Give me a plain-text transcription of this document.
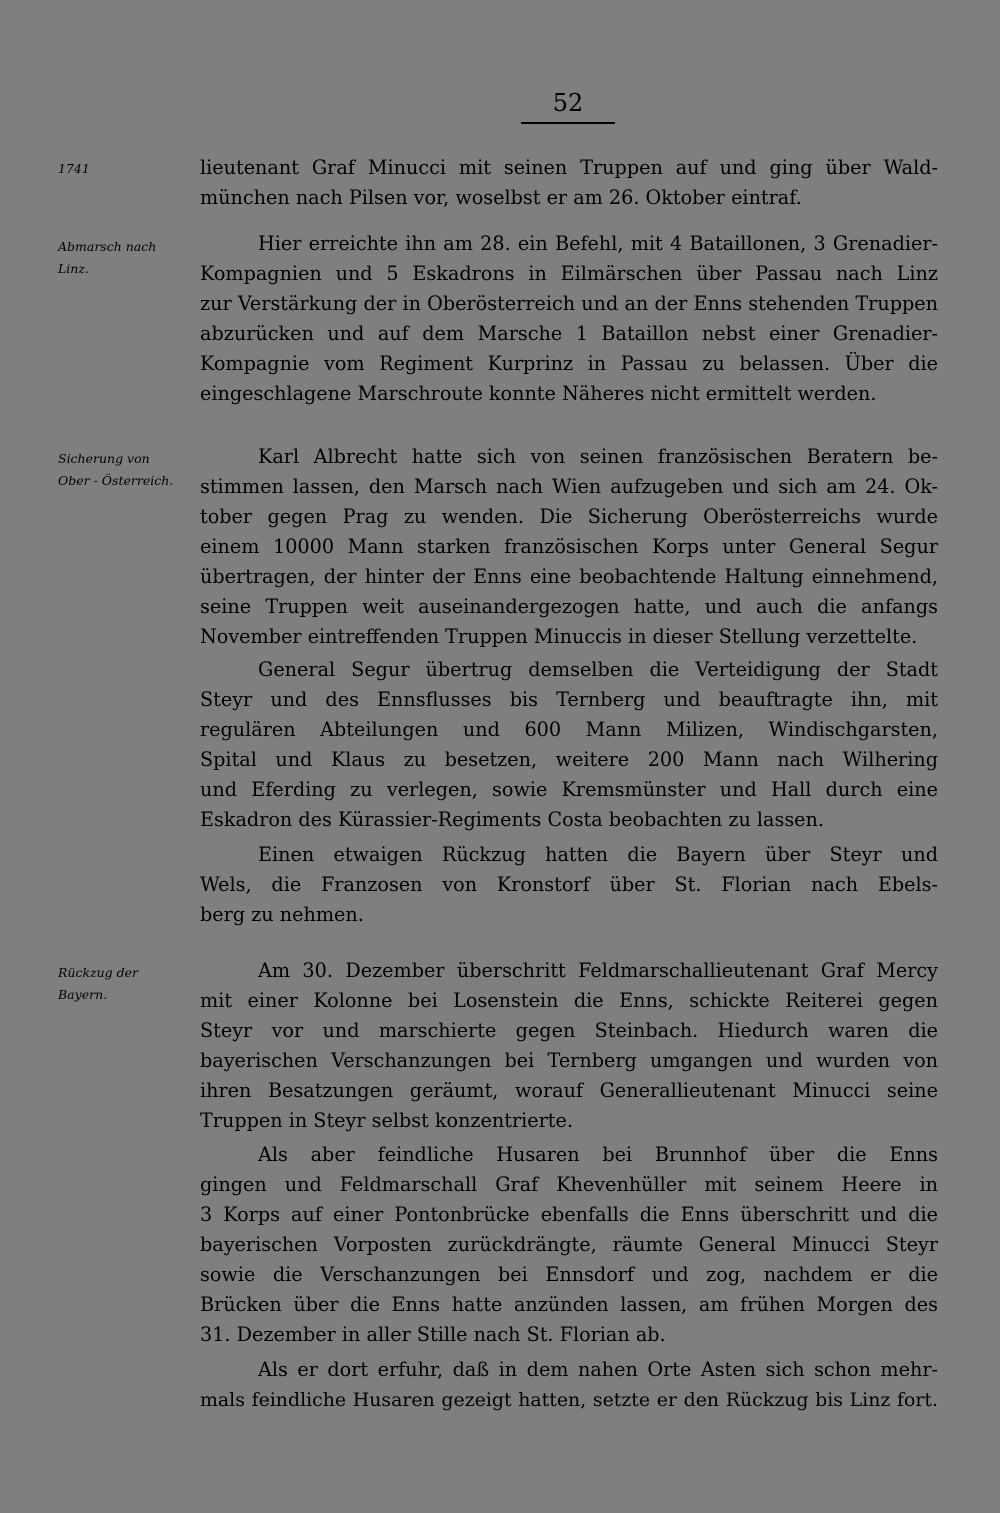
52
1741
Abmarsch nach
Linz.
Sicherung von
Ober - Österreich.
Rückzug der
Bayern.
lieutenant Graf Minucci mit seinen Truppen auf und ging über Wald-
münchen nach Pilsen vor, woselbst er am 26. Oktober eintraf.
Hier erreichte ihn am 28. ein Befehl, mit 4 Bataillonen, 3 Grenadier-
Kompagnien und 5 Eskadrons in Eilmärschen über Passau nach Linz
zur Verstärkung der in Oberösterreich und an der Enns stehenden Truppen
abzurücken und auf dem Marsche 1 Bataillon nebst einer Grenadier-
Kompagnie vom Regiment Kurprinz in Passau zu belassen. Über die
eingeschlagene Marschroute konnte Näheres nicht ermittelt werden.
Karl Albrecht hatte sich von seinen französischen Beratern be-
stimmen lassen, den Marsch nach Wien aufzugeben und sich am 24. Ok-
tober gegen Prag zu wenden. Die Sicherung Oberösterreichs wurde
einem 10000 Mann starken französischen Korps unter General Segur
übertragen, der hinter der Enns eine beobachtende Haltung einnehmend,
seine Truppen weit auseinandergezogen hatte, und auch die anfangs
November eintreffenden Truppen Minuccis in dieser Stellung verzettelte.
General Segur übertrug demselben die Verteidigung der Stadt
Steyr und des Ennsflusses bis Ternberg und beauftragte ihn, mit
regulären Abteilungen und 600 Mann Milizen, Windischgarsten,
Spital und Klaus zu besetzen, weitere 200 Mann nach Wilhering
und Eferding zu verlegen, sowie Kremsmünster und Hall durch eine
Eskadron des Kürassier-Regiments Costa beobachten zu lassen.
Einen etwaigen Rückzug hatten die Bayern über Steyr und
Wels, die Franzosen von Kronstorf über St. Florian nach Ebels-
berg zu nehmen.
Am 30. Dezember überschritt Feldmarschallieutenant Graf Mercy
mit einer Kolonne bei Losenstein die Enns, schickte Reiterei gegen
Steyr vor und marschierte gegen Steinbach. Hiedurch waren die
bayerischen Verschanzungen bei Ternberg umgangen und wurden von
ihren Besatzungen geräumt, worauf Generallieutenant Minucci seine
Truppen in Steyr selbst konzentrierte.
Als aber feindliche Husaren bei Brunnhof über die Enns
gingen und Feldmarschall Graf Khevenhüller mit seinem Heere in
3 Korps auf einer Pontonbrücke ebenfalls die Enns überschritt und die
bayerischen Vorposten zurückdrängte, räumte General Minucci Steyr
sowie die Verschanzungen bei Ennsdorf und zog, nachdem er die
Brücken über die Enns hatte anzünden lassen, am frühen Morgen des
31. Dezember in aller Stille nach St. Florian ab.
Als er dort erfuhr, daß in dem nahen Orte Asten sich schon mehr-
mals feindliche Husaren gezeigt hatten, setzte er den Rückzug bis Linz fort.
